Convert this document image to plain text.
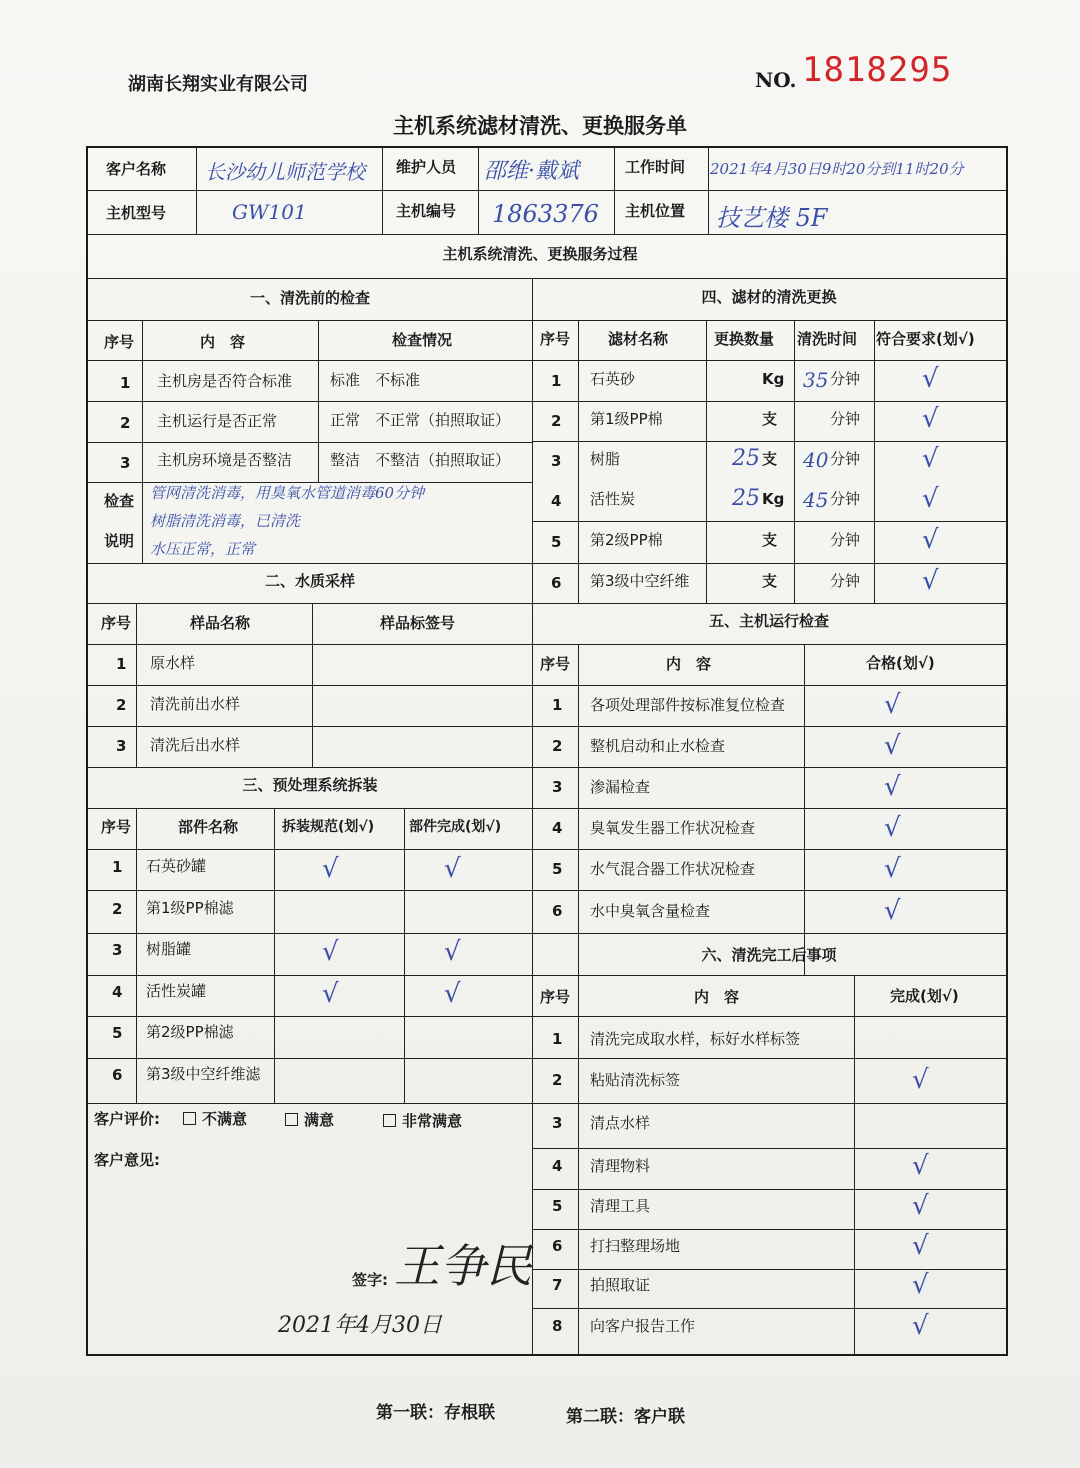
湖南长翔实业有限公司	NO. 1818295
主机系统滤材清洗、更换服务单
客户名称 长沙幼儿师范学校 维护人员 邵维·戴斌	工作时间 2021年4月30日9时20分到11时20分
主机型号	GW101	主机编号 1863376 主机位置 技艺楼 5F
主机系统清洗、更换服务过程
一、清洗前的检查
序号	内　容	检查情况
1 主机房是否符合标准	标准　不标准
2 主机运行是否正常	正常　不正常（拍照取证）
3 主机房环境是否整洁	整洁　不整洁（拍照取证）
检查
说明
管网清洗消毒，用臭氧水管道消毒60分钟
树脂清洗消毒，已清洗
水压正常，正常
四、滤材的清洗更换
序号	滤材名称	更换数量 清洗时间 符合要求(划√)
1 石英砂	Kg 35 分钟 √
2 第1级PP棉	支	分钟 √
3 树脂	25 支 40 分钟 √
4 活性炭	25 Kg 45 分钟 √
5 第2级PP棉	支	分钟 √
6 第3级中空纤维	支	分钟 √
二、水质采样
序号	样品名称	样品标签号
1 原水样
2 清洗前出水样
3 清洗后出水样
五、主机运行检查
序号	内　容	合格(划√)
1 各项处理部件按标准复位检查	√
2 整机启动和止水检查	√
3 渗漏检查	√
4 臭氧发生器工作状况检查	√
5 水气混合器工作状况检查	√
6 水中臭氧含量检查	√
三、预处理系统拆装
序号	部件名称	拆装规范(划√) 部件完成(划√)
1 石英砂罐	√	√
2 第1级PP棉滤
3 树脂罐	√	√
4 活性炭罐	√	√
5 第2级PP棉滤
6 第3级中空纤维滤
六、清洗完工后事项
序号	内　容	完成(划√)
1 清洗完成取水样，标好水样标签
2 粘贴清洗标签	√
3 清点水样
4 清理物料	√
5 清理工具	√
6 打扫整理场地	√
7 拍照取证	√
8 向客户报告工作	√
客户评价:	不满意	满意	非常满意
客户意见:
签字: 王争民
2021年4月30日
第一联：存根联	第二联：客户联
